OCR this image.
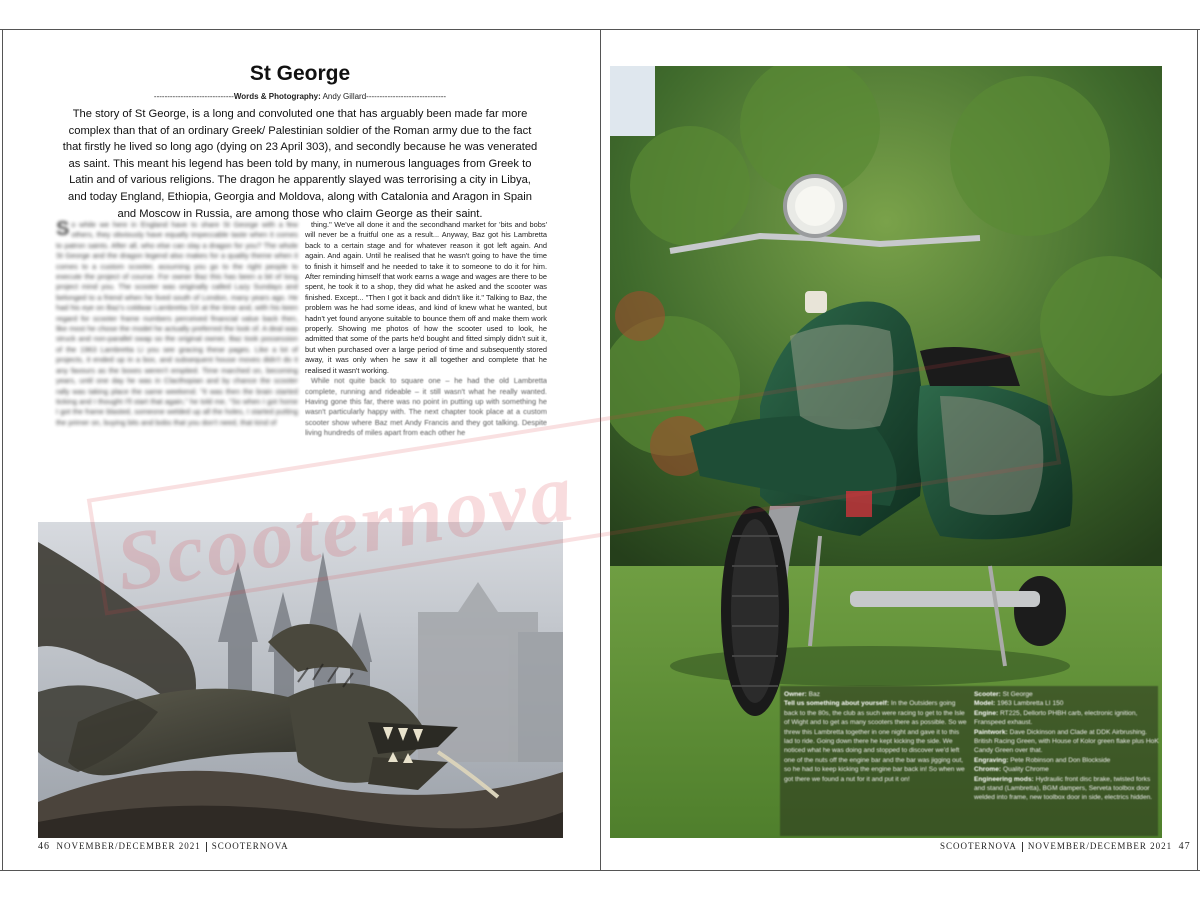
St George
------------------------------Words & Photography: Andy Gillard------------------------------
The story of St George, is a long and convoluted one that has arguably been made far more complex than that of an ordinary Greek/ Palestinian soldier of the Roman army due to the fact that firstly he lived so long ago (dying on 23 April 303), and secondly because he was venerated as saint. This meant his legend has been told by many, in numerous languages from Greek to Latin and of various religions. The dragon he apparently slayed was terrorising a city in Libya, and today England, Ethiopia, Georgia and Moldova, along with Catalonia and Aragon in Spain and Moscow in Russia, are among those who claim George as their saint.
So while we here in England have to share St George with a few others, they obviously have equally impeccable taste when it comes to patron saints. After all, who else can slay a dragon for you? The whole St George and the dragon legend also makes for a quality theme when it comes to a custom scooter, assuming you go to the right people to execute the project of course. For owner Baz this has been a bit of long project mind you. The scooter was originally called Lazy Sundays and belonged to a friend when he lived south of London, many years ago. He had his eye on Baz's coldwar Lambretta SX at the time and, with his keen regard for scooter frame numbers perceived financial value back then, like most he chose the model he actually preferred the look of. A deal was struck and non-parallel swap so the original owner, Baz took possession of the 1963 Lambretta Li you see gracing these pages. Like a lot of projects, it ended up in a box, and subsequent house moves didn't do it any favours as the boxes weren't emptied. Time marched on, becoming years, until one day he was in Clacthopian and by chance the scooter rally was taking place the same weekend. "It was then the brain started ticking and I thought I'll start that again," he told me, "So when I got home I got the frame blasted, someone welded up all the holes, I started putting the primer on, buying bits and bobs that you don't need, that kind of

thing." We've all done it and the secondhand market for 'bits and bobs' will never be a fruitful one as a result... Anyway, Baz got his Lambretta back to a certain stage and for whatever reason it got left again. And again. And again. Until he realised that he wasn't going to have the time to finish it himself and he needed to take it to someone to do it for him. After reminding himself that work earns a wage and wages are there to be spent, he took it to a shop, they did what he asked and the scooter was finished. Except... "Then I got it back and didn't like it." Talking to Baz, the problem was he had some ideas, and kind of knew what he wanted, but hadn't yet found anyone suitable to bounce them off and make them work properly. Showing me photos of how the scooter used to look, he admitted that some of the parts he'd bought and fitted simply didn't suit it, but when purchased over a large period of time and subsequently stored away, it was only when he saw it all together and complete that he realised it wasn't working.

While not quite back to square one – he had the old Lambretta complete, running and rideable – it still wasn't what he really wanted. Having gone this far, there was no point in putting up with something he wasn't particularly happy with. The next chapter took place at a custom scooter show where Baz met Andy Francis and they got talking. Despite living hundreds of miles apart from each other he

46 NOVEMBER/DECEMBER 2021 SCOOTERNOVA
Owner: Baz
Tell us something about yourself: In the Outsiders going back to the 80s, the club as such were racing to get to the Isle of Wight and to get as many scooters there as possible. So we threw this Lambretta together in one night and gave it to this lad to ride. Going down there he kept kicking the side. We noticed what he was doing and stopped to discover we'd left one of the nuts off the engine bar and the bar was jigging out, so he had to keep kicking the engine bar back in! So when we got there we found a nut for it and put it on!
Scooter: St George
Model: 1963 Lambretta LI 150
Engine: RT225, Dellorto PHBH carb, electronic ignition, Franspeed exhaust.
Paintwork: Dave Dickinson and Clade at DDK Airbrushing. British Racing Green, with House of Kolor green flake plus HoK Candy Green over that.
Engraving: Pete Robinson and Don Blockside
Chrome: Quality Chrome
Engineering mods: Hydraulic front disc brake, twisted forks and stand (Lambretta), BGM dampers, Serveta toolbox door welded into frame, new toolbox door in side, electrics hidden.
SCOOTERNOVA NOVEMBER/DECEMBER 2021 47
